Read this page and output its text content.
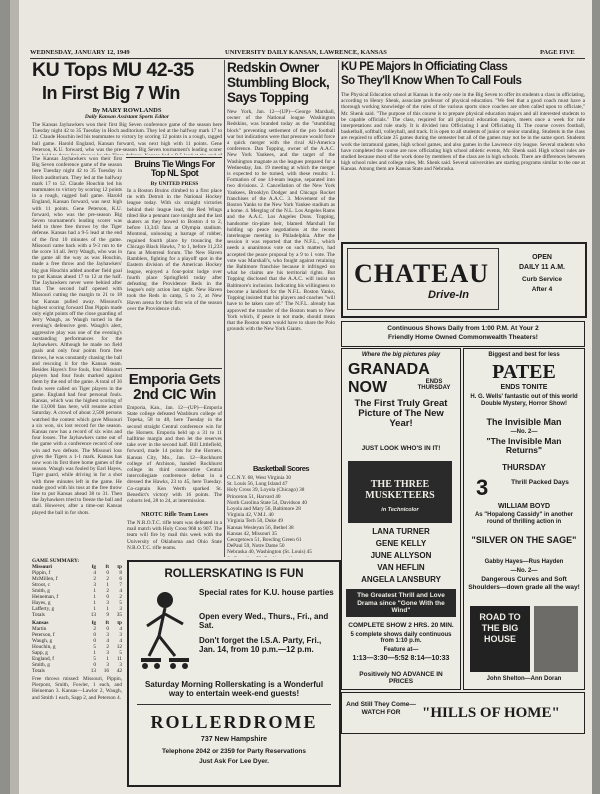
WEDNESDAY, JANUARY 12, 1949	UNIVERSITY DAILY KANSAN, LAWRENCE, KANSAS	PAGE FIVE
KU Tops MU 42-35
In First Big 7 Win
By MARY ROWLANDS
Daily Kansan Assistant Sports Editor
The Kansas Jayhawkers won their first Big Seven conference game of the season here Tuesday night 42 to 35 Tuesday in Hoch auditorium. They led at the halfway mark 17 to 12. Claude Houchin led his teammates to victory by scoring 12 points in a rough, ragged ball game. Harold England, Kansan forward, was next high with 11 points. Gene Peterson, K.U. forward, who was the pre-season Big Seven tournament's leading scorer
The Kansas Jayhawkers won their first Big Seven conference game of the season here Tuesday night 42 to 35 Tuesday in Hoch auditorium. They led at the halfway mark 17 to 12. Claude Houchin led his teammates to victory by scoring 12 points in a rough, ragged ball game. Harold England, Kansan forward, was next high with 11 points. Gene Peterson, K.U. forward, who was the pre-season Big Seven tournament's leading scorer was held to three free throws by the Tiger defense. Kansas had a 9-5 lead at the end of the first 10 minutes of the game. Missouri came back with a 9-3 run to tie the score 14 all. Jerry Waugh, who was in the game all the way as was Houchin, made a free throw and the Jayhawkers' big gun Houchin added another field goal to put Kansas ahead 17 to 12 at the half. The Jayhawkers never were behind after that. The second half opened with Missouri cutting the margin to 21 to 18 but Kansas pulled away. Missouri's highest scoring forward Dan Pippin made only eight points off the close guarding of Jerry Waugh, as Waugh turned in the evening's defensive gem. Waugh's alert, aggressive play was one of the evening's outstanding performances for the Jayhawkers. Although he made no field goals and only four points from free throws, he was constantly chasing the ball and rescuing it for the Kansas team. Besides Hayes's five fouls, four Missouri players had four fouls marked against them by the end of the game. A total of 36 fouls were called on Tiger players in the game. England had four personal fouls. Kansas, which was the highest scoring of the 13,000 fans here, will resume action Saturday. A crowd of about 2,500 persons watched the contest which gave Missouri a six won, six lost record for the season. Kansas now has a record of six wins and four losses. The Jayhawkers came out of the game with a conference record of one win and two defeats. The Missouri loss gives the Tigers a 1-1 mark. Kansas has now won its first three home games of the season. Waugh was fouled by Earl Hayes, Tiger guard, while driving in for a shot with three minutes left in the game. He made good with his toss at the free throw line to put Kansas ahead 38 to 31. Then the Jayhawkers tried to freeze the ball and stall. However, after a time-out Kansas played the ball in for shots.
GAME SUMMARY:
Missouri	fg	ft	tp
Pippin, f	4	0	8
McMillen, f	2	2	6
Stroot, c	3	1	7
Smith, g	1	2	4
Heineman, f	1	0	2
Hayes, g	1	3	5
Lafferty, g	1	1	3
Totals	13	9	35
Kansas	fg	ft	tp
Martin	2	0	4
Peterson, f	0	3	3
Waugh, g	0	4	4
Houchin, g	5	2	12
Sapp, g	1	3	5
England, f	5	1	11
Smith, g	0	3	3
Totals	13	16	42
Free throws missed: Missouri, Pippin, Pierpont, Smith, Fowler, 1 each, and Heineman 3. Kansas—Lawlor 2, Waugh, and Smith 1 each, Sapp 2, and Peterson 4.
Bruins Tie Wings For Top NL Spot
By UNITED PRESS
In a Boston Bruins climbed to a first place tie with Detroit in the National Hockey league today. With six straight victories behind their league lead, the Red Wings tilted like a pennant race tonight and the last skaters as they bowed to Boston 4 to 2, before 13,343 fans at Olympia stadium. Montreal, unloosing a barrage of rubber, regained fourth place by trouncing the Chicago Black Hawks, 7 to 1, before 11,233 fans at Montreal forum. The New Haven Ramblers, fighting for a playoff spot in the Eastern division of the American Hockey league, enjoyed a four-point lodge over fourth place Springfield today after defeating the Providence Reds in the league's only action last night. New Haven took the Reds in camp, 5 to 2, at New Haven arena for their first win of the season over the Providence club.
Emporia Gets
2nd CIC Win
Emporia, Kan., Jan. 12—(UP)—Emporia State college defeated Washburn college of Topeka, 58 to 48, here Tuesday in the second straight Central conference win for the Hornets. Emporia held up a 31 to 11 halftime margin and then let the reserves take over in the second half. Bill Littlefield, forward, made 14 points for the Hornets. Kansas City, Mo., Jan. 12—Rockhurst college of Atchison, handed Rockhurst college its third consecutive Central intercollegiate conference defeat in a dressed the Hawks, 23 to 45, here Tuesday. Co-captain Ken Werth sparked St. Benedict's victory with 16 points. The cohorts led, 28 to 24, at intermission.
NROTC Rifle Team Loses
The N.R.O.T.C. rifle team was defeated in a mail match with Holy Cross 968 to 907. The team will fire by mail this week with the University of Oklahoma and Ohio State N.R.O.T.C. rifle teams.
Redskin Owner
Stumbling Block,
Says Topping
New York, Jan. 12—(UP)—George Marshall, owner of the National league Washington Redskins, was branded today as the "stumbling block" preventing settlement of the pro football war but indications were that pressure would force a quick merger with the rival All-America conference. Dan Topping, owner of the A.A.C. New York Yankees, and the target of the Washington magnate as the leagues prepared for a Wednesday, Jan. 19 meeting at which the merger is expected to be turned, with these results: 1. Formation of one 14-team league, separated into two divisions. 2. Cancellation of the New York Yankees, Brooklyn Dodger and Chicago Rocket franchises of the A.A.C. 3. Movement of the Boston Yanks to the New York Yankee stadium as a home. 4. Merging of the N.L. Los Angeles Rams and the A.A.C. Los Angeles Dons. Topping, handsome tin-plate heir, blamed Marshall for holding up peace negotiations at the recent interleague meeting in Philadelphia. After the session it was reported that the N.F.L., which needs a unanimous vote on such matters, had accepted the peace proposal by a 9 to 1 vote. The vote was Marshall's, who fought against retaining the Baltimore franchise because it infringed on what he claims are his territorial rights. But Topping disclosed that the A.A.C. will insist on Baltimore's inclusion. Indicating his willingness to become a landlord for the N.F.L. Boston Yanks, Topping insisted that his players and coaches "will have to be taken care of." The N.F.L. already has approved the transfer of the Boston team to New York which, if peace is not made, should mean that the Boston team would have to share the Polo grounds with the New York Giants.
Basketball Scores
C.C.N.Y. 68, West Virginia 30
St. Louis 56, Long Island 47
Holy Cross 39, Loyola (Chicago) 38
Princeton 51, Harvard 40
North Carolina State 54, Davidson 40
Loyola and Mary 56, Baltimore 28
Virginia 42, V.M.I. 40
Virginia Tech 50, Duke 49
Kansas Wesleyan 56, Bethel 38
Kansas 42, Missouri 35
Georgetown 51, Bowling Green 61
DePaul 59, Notre Dame 50
Nebraska 40, Washington (St. Louis) 45
KU PE Majors In Officiating Class
So They'll Know When To Call Fouls
The Physical Education school at Kansas is the only one in the Big Seven to offer its students a class in officiating, according to Henry Shenk, associate professor of physical education. "We feel that a good coach must have a thorough working knowledge of the rules of the various sports since coaches are often called upon to officiate," Mr. Shenk said. "The purpose of this course is to prepare physical education majors and all interested students to be capable officials." The class, required for all physical education majors, meets once a week for rule interpretations and rule study. It is divided into Officiating I and Officiating II. The course covers football, basketball, softball, volleyball, and track. It is open to all students of junior or senior standing. Students in the class are required to officiate 25 games during the semester but all of the games may not be in the same sport. Students work the intramural games, high school games, and also games in the Lawrence city league. Several students who have completed the course are now officiating high school athletic events, Mr. Shenk said. High school rules are studied because most of the work done by members of the class are in high schools. There are differences between high school rules and college rules, Mr. Shenk said. Several universities are starting programs similar to the one at Kansas. Among them are Kansas State and Nebraska.
CHATEAU
Drive-In
OPEN
DAILY 11 A.M.
Curb Service
After 4
Continuous Shows Daily from 1:00 P.M. At Your 2
Friendly Home Owned Commonwealth Theaters!
Where the big pictures play
GRANADA
NOW	ENDS THURSDAY
The First Truly Great Picture of The New Year!
JUST LOOK WHO'S IN IT!
THE THREE MUSKETEERS
in Technicolor
LANA TURNER
GENE KELLY
JUNE ALLYSON
VAN HEFLIN
ANGELA LANSBURY
The Greatest Thrill and Love Drama since "Gone With the Wind"
COMPLETE SHOW 2 HRS. 20 MIN.
5 complete shows daily continuous from 1:10 p.m.
Feature at—
1:13—3:30—5:52 8:14—10:33
Positively NO ADVANCE IN PRICES
Biggest and best for less
PATEE
ENDS TONITE
H. G. Wells' fantastic out of this world Double Mystery, Horror Show!
The Invisible Man
—No. 2—
"The Invisible Man Returns"
THURSDAY
3	Thrill Packed Days
WILLIAM BOYD
As "Hopalong Cassidy" in another round of thrilling action in
"SILVER ON THE SAGE"
Gabby Hayes—Rus Hayden
—No. 2—
Dangerous Curves and Soft Shoulders—down grade all the way!
ROAD TO THE BIG HOUSE
John Shelton—Ann Doran
ROLLERSKATING IS FUN
Special rates for K.U. house parties
Open every Wed., Thurs., Fri., and Sat.
Don't forget the I.S.A. Party, Fri., Jan. 14, from 10 p.m.—12 p.m.
Saturday Morning Rollerskating is a Wonderful way to entertain week-end guests!
ROLLERDROME
737 New Hampshire
Telephone 2042 or 2359 for Party Reservations
Just Ask For Lee Dyer.
And Still They Come— WATCH FOR	"HILLS OF HOME"
